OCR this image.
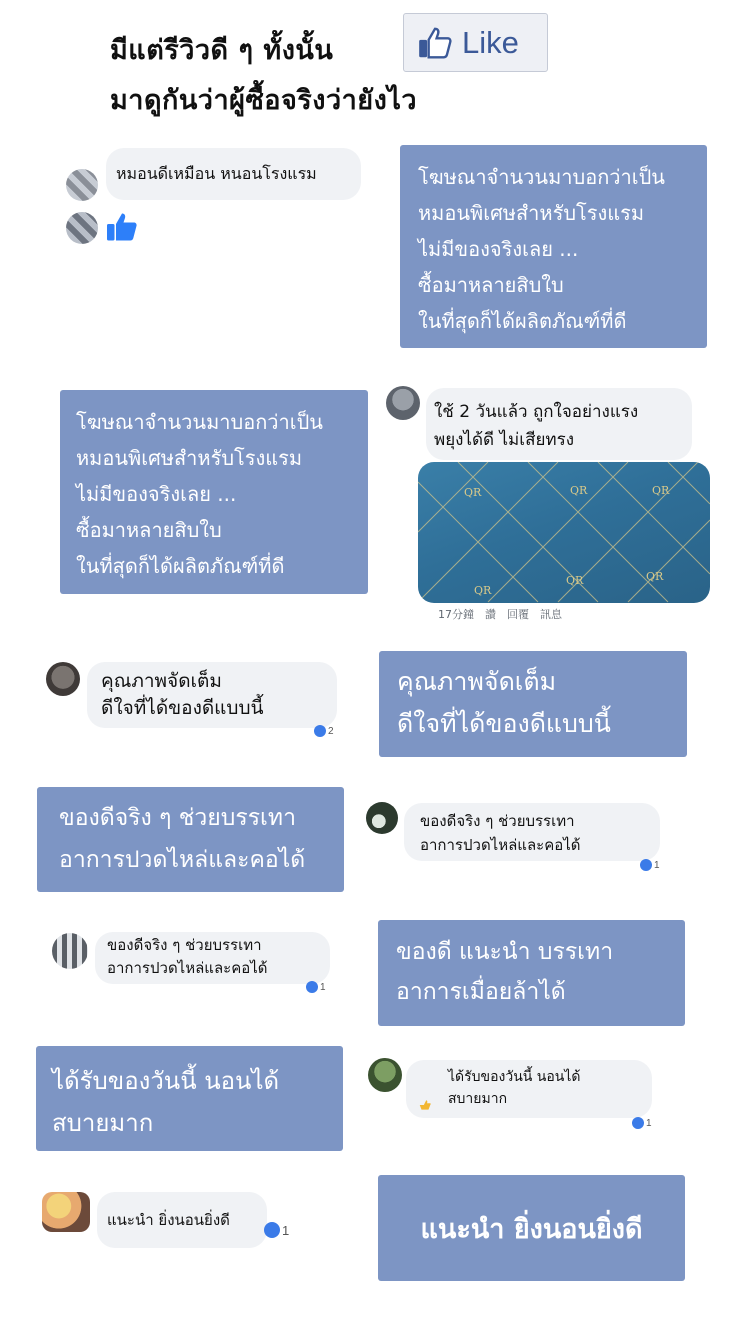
มีแต่รีวิวดี ๆ ทั้งนั้น
มาดูกันว่าผู้ซื้อจริงว่ายังไว
Like
หมอนดีเหมือน หนอนโรงแรม	โฆษณาจำนวนมาบอกว่าเป็น
หมอนพิเศษสำหรับโรงแรม
ไม่มีของจริงเลย ...
ซื้อมาหลายสิบใบ
ในที่สุดก็ได้ผลิตภัณฑ์ที่ดี
โฆษณาจำนวนมาบอกว่าเป็น
หมอนพิเศษสำหรับโรงแรม
ไม่มีของจริงเลย ...
ซื้อมาหลายสิบใบ
ในที่สุดก็ได้ผลิตภัณฑ์ที่ดี
ใช้ 2 วันแล้ว ถูกใจอย่างแรง
พยุงได้ดี ไม่เสียทรง
QR	QR	QR
QR
QR	QR
17分鐘　讚　回覆　訊息
คุณภาพจัดเต็ม
ดีใจที่ได้ของดีแบบนี้
2
คุณภาพจัดเต็ม
ดีใจที่ได้ของดีแบบนี้
ของดีจริง ๆ ช่วยบรรเทา
อาการปวดไหล่และคอได้
ของดีจริง ๆ ช่วยบรรเทา
อาการปวดไหล่และคอได้
1
ของดีจริง ๆ ช่วยบรรเทา
อาการปวดไหล่และคอได้
1
ของดี แนะนำ บรรเทา
อาการเมื่อยล้าได้
ได้รับของวันนี้ นอนได้
สบายมาก
ได้รับของวันนี้ นอนได้
สบายมาก
1
แนะนำ ยิ่งนอนยิ่งดี
1	แนะนำ ยิ่งนอนยิ่งดี
